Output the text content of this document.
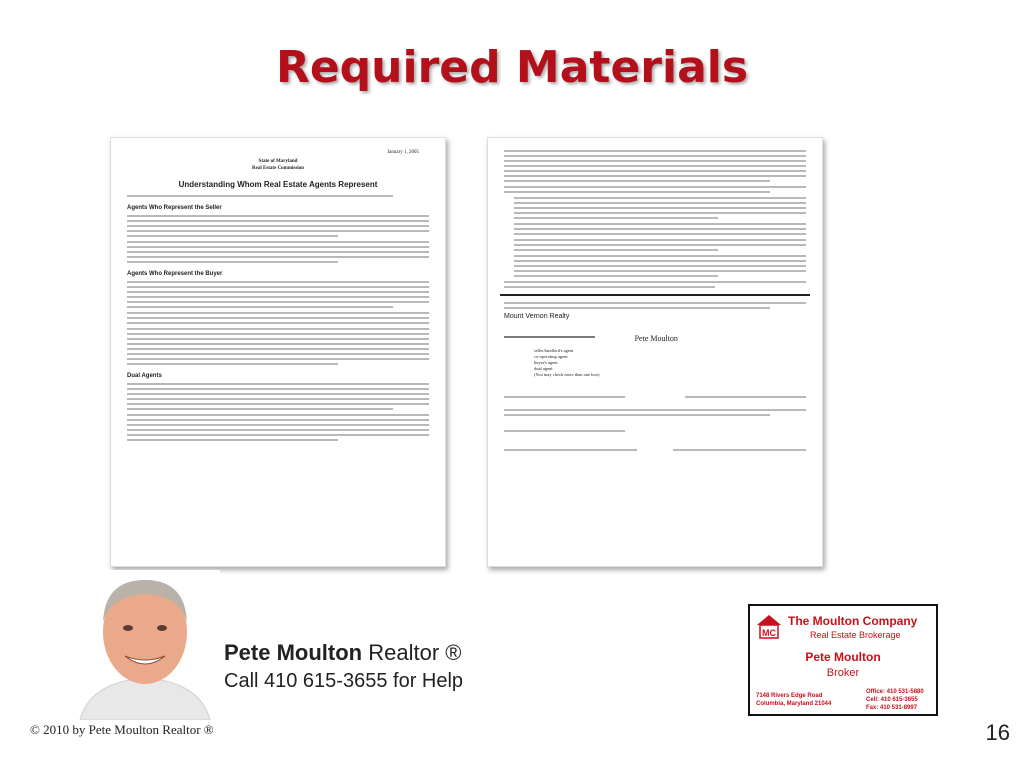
Required Materials
January 1, 2005
State of Maryland
Real Estate Commission
Understanding Whom Real Estate Agents Represent
Agents Who Represent the Seller
Agents Who Represent the Buyer
Dual Agents
Mount Vernon Realty
Pete Moulton
seller/landlord's agent
co-operating agent
buyer's agent
dual agent
(You may check more than one box)
Pete Moulton Realtor ®
Call 410 615-3655 for Help
MC
The Moulton Company
Real Estate Brokerage
Pete Moulton
Broker
7148 Rivers Edge Road
Columbia, Maryland 21044
Office: 410 531-5880
Cell: 410 615-3655
Fax: 410 531-8997
© 2010 by Pete Moulton Realtor ®	16
